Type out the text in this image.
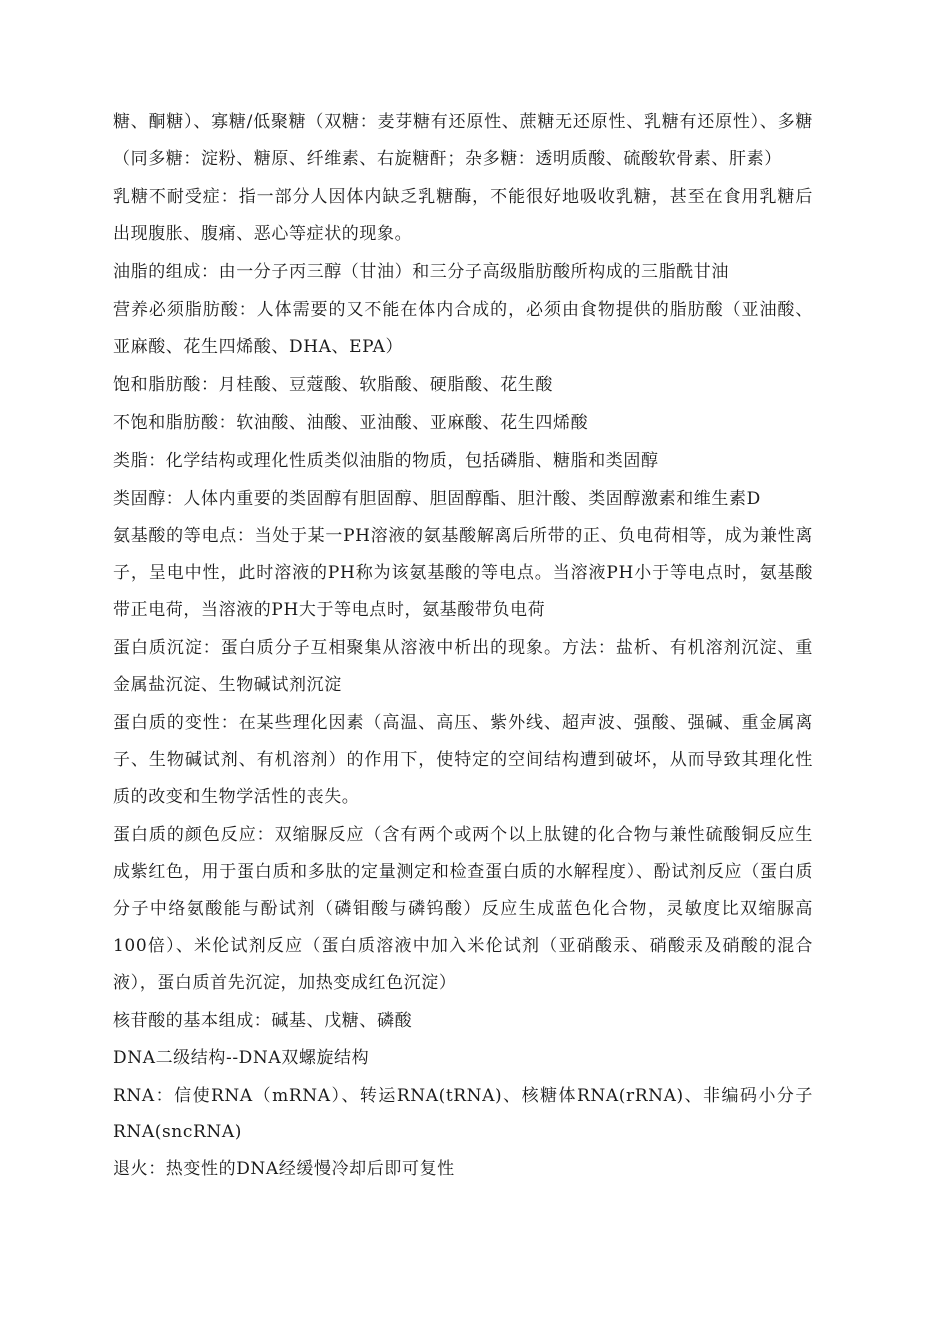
糖、酮糖）、寡糖/低聚糖（双糖：麦芽糖有还原性、蔗糖无还原性、乳糖有还原性）、多糖（同多糖：淀粉、糖原、纤维素、右旋糖酐；杂多糖：透明质酸、硫酸软骨素、肝素）

乳糖不耐受症：指一部分人因体内缺乏乳糖酶，不能很好地吸收乳糖，甚至在食用乳糖后出现腹胀、腹痛、恶心等症状的现象。

油脂的组成：由一分子丙三醇（甘油）和三分子高级脂肪酸所构成的三脂酰甘油

营养必须脂肪酸：人体需要的又不能在体内合成的，必须由食物提供的脂肪酸（亚油酸、亚麻酸、花生四烯酸、DHA、EPA）

饱和脂肪酸：月桂酸、豆蔻酸、软脂酸、硬脂酸、花生酸

不饱和脂肪酸：软油酸、油酸、亚油酸、亚麻酸、花生四烯酸

类脂：化学结构或理化性质类似油脂的物质，包括磷脂、糖脂和类固醇

类固醇：人体内重要的类固醇有胆固醇、胆固醇酯、胆汁酸、类固醇激素和维生素D

氨基酸的等电点：当处于某一PH溶液的氨基酸解离后所带的正、负电荷相等，成为兼性离子，呈电中性，此时溶液的PH称为该氨基酸的等电点。当溶液PH小于等电点时，氨基酸带正电荷，当溶液的PH大于等电点时，氨基酸带负电荷

蛋白质沉淀：蛋白质分子互相聚集从溶液中析出的现象。方法：盐析、有机溶剂沉淀、重金属盐沉淀、生物碱试剂沉淀

蛋白质的变性：在某些理化因素（高温、高压、紫外线、超声波、强酸、强碱、重金属离子、生物碱试剂、有机溶剂）的作用下，使特定的空间结构遭到破坏，从而导致其理化性质的改变和生物学活性的丧失。

蛋白质的颜色反应：双缩脲反应（含有两个或两个以上肽键的化合物与兼性硫酸铜反应生成紫红色，用于蛋白质和多肽的定量测定和检查蛋白质的水解程度）、酚试剂反应（蛋白质分子中络氨酸能与酚试剂（磷钼酸与磷钨酸）反应生成蓝色化合物，灵敏度比双缩脲高100倍）、米伦试剂反应（蛋白质溶液中加入米伦试剂（亚硝酸汞、硝酸汞及硝酸的混合液），蛋白质首先沉淀，加热变成红色沉淀）

核苷酸的基本组成：碱基、戊糖、磷酸

DNA二级结构--DNA双螺旋结构

RNA：信使RNA（mRNA）、转运RNA(tRNA)、核糖体RNA(rRNA)、非编码小分子RNA(sncRNA)

退火：热变性的DNA经缓慢冷却后即可复性
